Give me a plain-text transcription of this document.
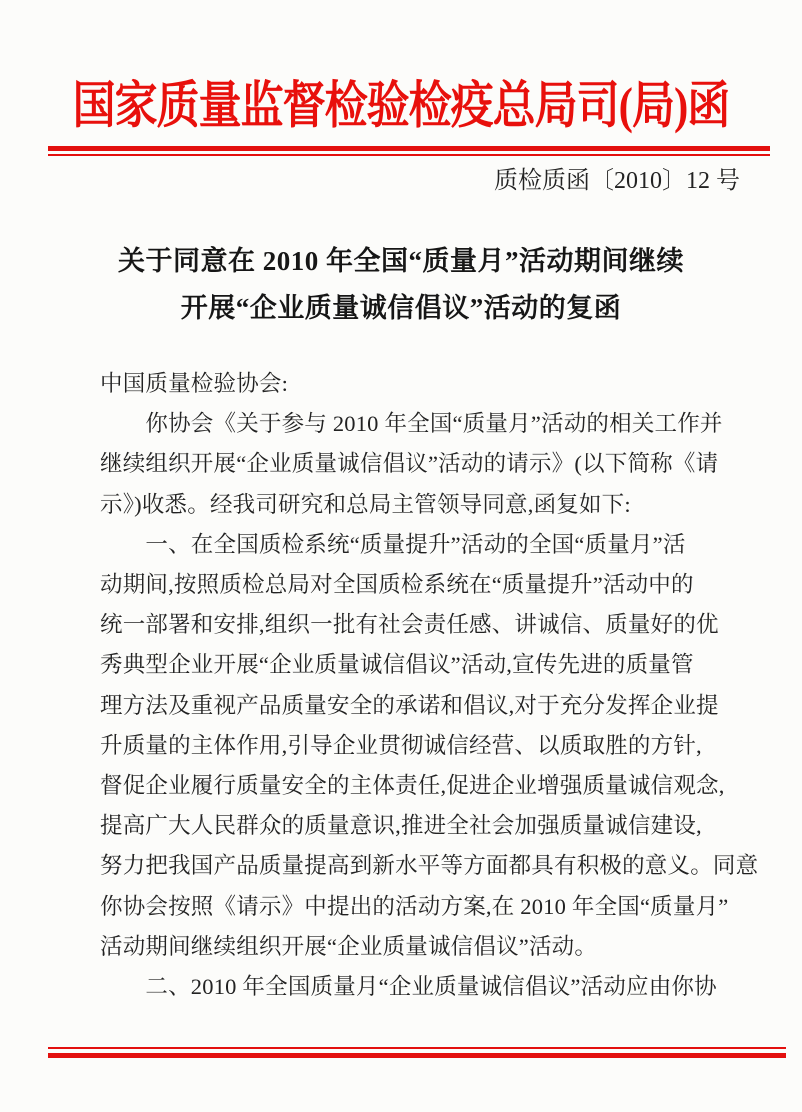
国家质量监督检验检疫总局司(局)函
质检质函〔2010〕12 号
关于同意在 2010 年全国“质量月”活动期间继续
开展“企业质量诚信倡议”活动的复函
中国质量检验协会:
　　你协会《关于参与 2010 年全国“质量月”活动的相关工作并
继续组织开展“企业质量诚信倡议”活动的请示》(以下简称《请
示》)收悉。经我司研究和总局主管领导同意,函复如下:
　　一、在全国质检系统“质量提升”活动的全国“质量月”活
动期间,按照质检总局对全国质检系统在“质量提升”活动中的
统一部署和安排,组织一批有社会责任感、讲诚信、质量好的优
秀典型企业开展“企业质量诚信倡议”活动,宣传先进的质量管
理方法及重视产品质量安全的承诺和倡议,对于充分发挥企业提
升质量的主体作用,引导企业贯彻诚信经营、以质取胜的方针,
督促企业履行质量安全的主体责任,促进企业增强质量诚信观念,
提高广大人民群众的质量意识,推进全社会加强质量诚信建设,
努力把我国产品质量提高到新水平等方面都具有积极的意义。同意
你协会按照《请示》中提出的活动方案,在 2010 年全国“质量月”
活动期间继续组织开展“企业质量诚信倡议”活动。
　　二、2010 年全国质量月“企业质量诚信倡议”活动应由你协
